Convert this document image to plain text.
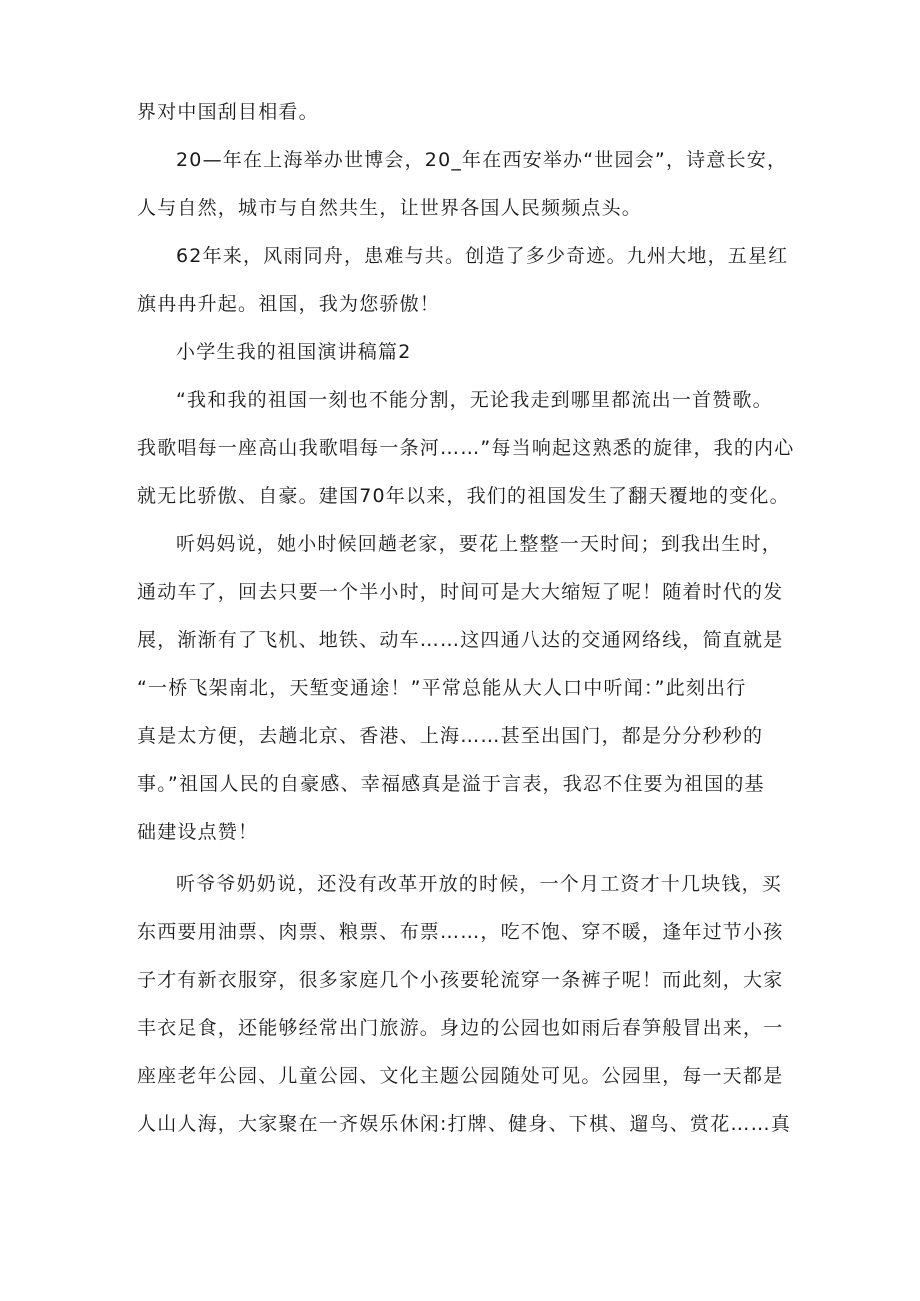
界对中国刮目相看。
20—年在上海举办世博会，20_年在西安举办“世园会”，诗意长安，
人与自然，城市与自然共生，让世界各国人民频频点头。
62年来，风雨同舟，患难与共。创造了多少奇迹。九州大地，五星红
旗冉冉升起。祖国，我为您骄傲！
小学生我的祖国演讲稿篇2
“我和我的祖国一刻也不能分割，无论我走到哪里都流出一首赞歌。
我歌唱每一座高山我歌唱每一条河……”每当响起这熟悉的旋律，我的内心
就无比骄傲、自豪。建国70年以来，我们的祖国发生了翻天覆地的变化。
听妈妈说，她小时候回趟老家，要花上整整一天时间；到我出生时，
通动车了，回去只要一个半小时，时间可是大大缩短了呢！随着时代的发
展，渐渐有了飞机、地铁、动车……这四通八达的交通网络线，简直就是
“一桥飞架南北，天堑变通途！”平常总能从大人口中听闻：”此刻出行
真是太方便，去趟北京、香港、上海……甚至出国门，都是分分秒秒的
事。”祖国人民的自豪感、幸福感真是溢于言表，我忍不住要为祖国的基
础建设点赞！
听爷爷奶奶说，还没有改革开放的时候，一个月工资才十几块钱，买
东西要用油票、肉票、粮票、布票……，吃不饱、穿不暖，逢年过节小孩
子才有新衣服穿，很多家庭几个小孩要轮流穿一条裤子呢！而此刻，大家
丰衣足食，还能够经常出门旅游。身边的公园也如雨后春笋般冒出来，一
座座老年公园、儿童公园、文化主题公园随处可见。公园里，每一天都是
人山人海，大家聚在一齐娱乐休闲:打牌、健身、下棋、遛鸟、赏花……真
